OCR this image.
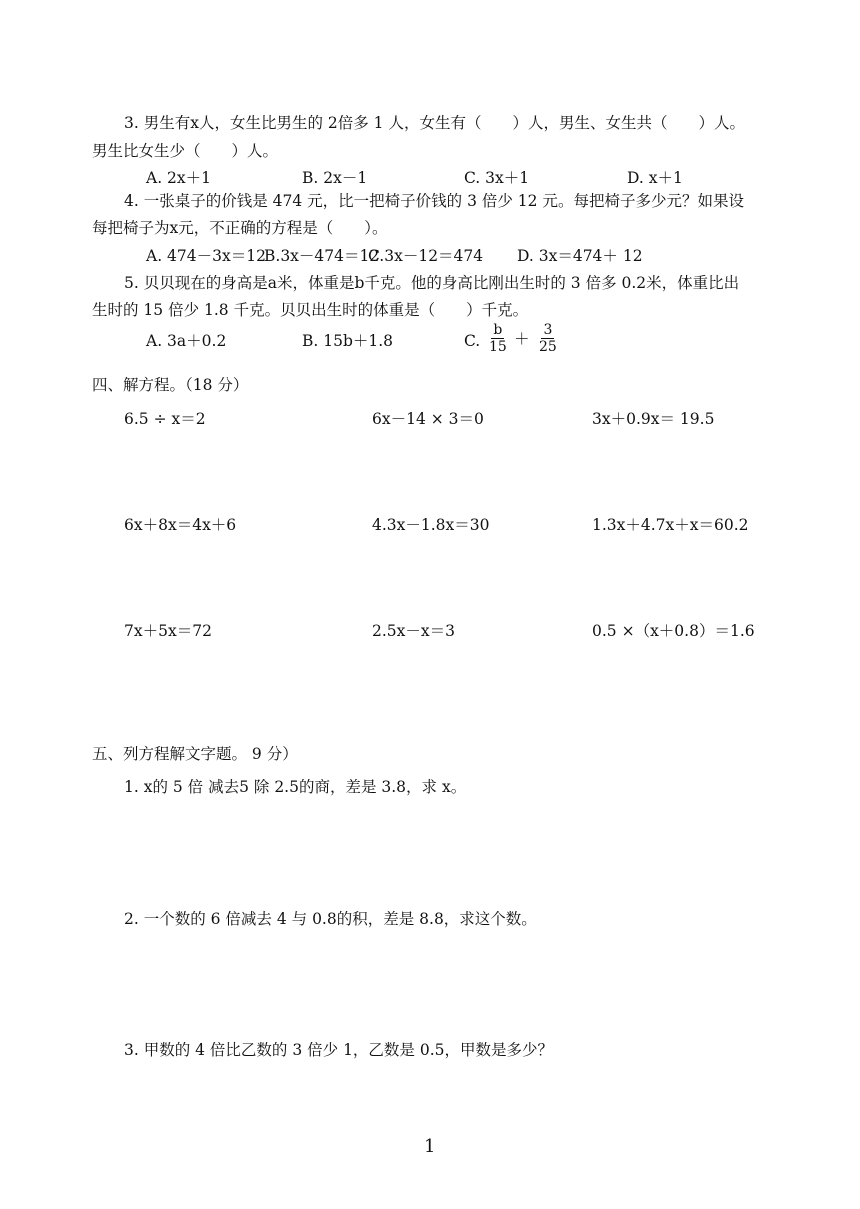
3. 男生有x人，女生比男生的 2倍多 1 人，女生有（　　）人，男生、女生共（　　）人。
男生比女生少（　　）人。
A. 2x＋1	B. 2x－1	C. 3x＋1	D. x＋1
4. 一张桌子的价钱是 474 元，比一把椅子价钱的 3 倍少 12 元。每把椅子多少元？如果设
每把椅子为x元，不正确的方程是（　　）。
A. 474－3x＝12
B.3x－474＝12
C.3x－12＝474 D. 3x＝474＋ 12
5. 贝贝现在的身高是a米，体重是b千克。他的身高比刚出生时的 3 倍多 0.2米，体重比出
生时的 15 倍少 1.8 千克。贝贝出生时的体重是（　　）千克。
A. 3a＋0.2	B. 15b＋1.8	C. $\frac{b}{15} + \frac{3}{25}$
四、解方程。（18 分）
6.5 ÷ x＝2	6x－14 × 3＝0	3x＋0.9x＝ 19.5
6x＋8x＝4x＋6	4.3x－1.8x＝30	1.3x＋4.7x＋x＝60.2
7x＋5x＝72	2.5x－x＝3	0.5 ×（x＋0.8）＝1.6
五、列方程解文字题。 9 分）
1. x的 5 倍 减去5 除 2.5的商，差是 3.8，求 x。
2. 一个数的 6 倍减去 4 与 0.8的积，差是 8.8，求这个数。
3. 甲数的 4 倍比乙数的 3 倍少 1，乙数是 0.5，甲数是多少？
1
